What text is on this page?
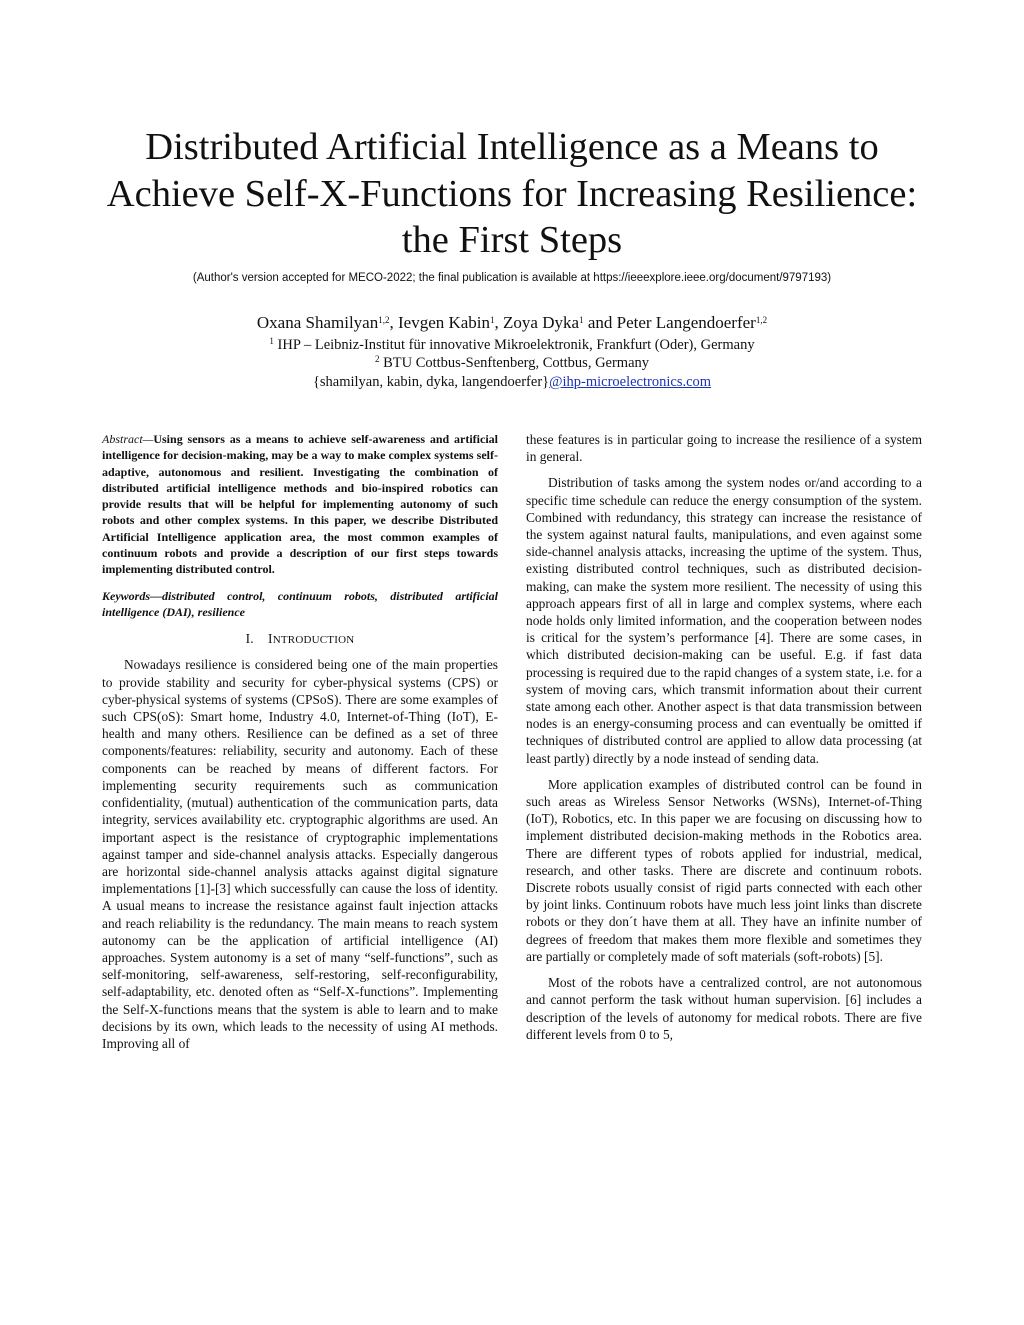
Distributed Artificial Intelligence as a Means to
Achieve Self-X-Functions for Increasing Resilience:
the First Steps
(Author's version accepted for MECO-2022; the final publication is available at https://ieeexplore.ieee.org/document/9797193)
Oxana Shamilyan$^{1,2}$, Ievgen Kabin$^1$, Zoya Dyka$^1$ and Peter Langendoerfer$^{1,2}$
$^1$ IHP – Leibniz-Institut für innovative Mikroelektronik, Frankfurt (Oder), Germany
$^2$ BTU Cottbus-Senftenberg, Cottbus, Germany
{shamilyan, kabin, dyka, langendoerfer}@ihp-microelectronics.com

Abstract—Using sensors as a means to achieve self-awareness and artificial intelligence for decision-making, may be a way to make complex systems self-adaptive, autonomous and resilient. Investigating the combination of distributed artificial intelligence methods and bio-inspired robotics can provide results that will be helpful for implementing autonomy of such robots and other complex systems. In this paper, we describe Distributed Artificial Intelligence application area, the most common examples of continuum robots and provide a description of our first steps towards implementing distributed control.

Keywords—distributed control, continuum robots, distributed artificial intelligence (DAI), resilience

I. INTRODUCTION

Nowadays resilience is considered being one of the main properties to provide stability and security for cyber-physical systems (CPS) or cyber-physical systems of systems (CPSoS). There are some examples of such CPS(oS): Smart home, Industry 4.0, Internet-of-Thing (IoT), E-health and many others. Resilience can be defined as a set of three components/features: reliability, security and autonomy. Each of these components can be reached by means of different factors. For implementing security requirements such as communication confidentiality, (mutual) authentication of the communication parts, data integrity, services availability etc. cryptographic algorithms are used. An important aspect is the resistance of cryptographic implementations against tamper and side-channel analysis attacks. Especially dangerous are horizontal side-channel analysis attacks against digital signature implementations [1]-[3] which successfully can cause the loss of identity. A usual means to increase the resistance against fault injection attacks and reach reliability is the redundancy. The main means to reach system autonomy can be the application of artificial intelligence (AI) approaches. System autonomy is a set of many “self-functions”, such as self-monitoring, self-awareness, self-restoring, self-reconfigurability, self-adaptability, etc. denoted often as “Self-X-functions”. Implementing the Self-X-functions means that the system is able to learn and to make decisions by its own, which leads to the necessity of using AI methods. Improving all of

these features is in particular going to increase the resilience of a system in general.

Distribution of tasks among the system nodes or/and according to a specific time schedule can reduce the energy consumption of the system. Combined with redundancy, this strategy can increase the resistance of the system against natural faults, manipulations, and even against some side-channel analysis attacks, increasing the uptime of the system. Thus, existing distributed control techniques, such as distributed decision-making, can make the system more resilient. The necessity of using this approach appears first of all in large and complex systems, where each node holds only limited information, and the cooperation between nodes is critical for the system’s performance [4]. There are some cases, in which distributed decision-making can be useful. E.g. if fast data processing is required due to the rapid changes of a system state, i.e. for a system of moving cars, which transmit information about their current state among each other. Another aspect is that data transmission between nodes is an energy-consuming process and can eventually be omitted if techniques of distributed control are applied to allow data processing (at least partly) directly by a node instead of sending data.

More application examples of distributed control can be found in such areas as Wireless Sensor Networks (WSNs), Internet-of-Thing (IoT), Robotics, etc. In this paper we are focusing on discussing how to implement distributed decision-making methods in the Robotics area. There are different types of robots applied for industrial, medical, research, and other tasks. There are discrete and continuum robots. Discrete robots usually consist of rigid parts connected with each other by joint links. Continuum robots have much less joint links than discrete robots or they don´t have them at all. They have an infinite number of degrees of freedom that makes them more flexible and sometimes they are partially or completely made of soft materials (soft-robots) [5].

Most of the robots have a centralized control, are not autonomous and cannot perform the task without human supervision. [6] includes a description of the levels of autonomy for medical robots. There are five different levels from 0 to 5,
